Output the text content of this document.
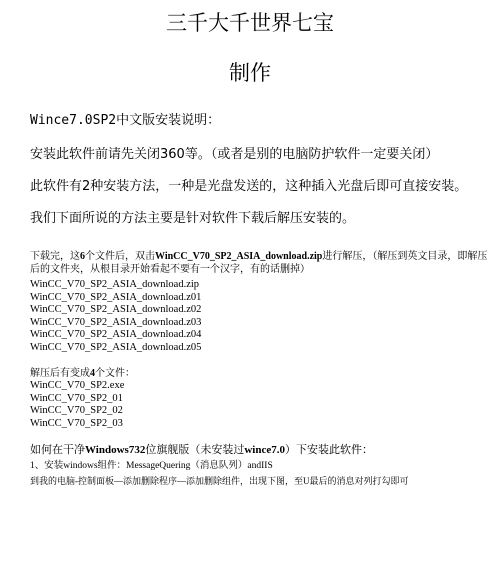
三千大千世界七宝
制作

Wince7.0SP2中文版安装说明：

安装此软件前请先关闭360等。（或者是别的电脑防护软件一定要关闭）

此软件有2种安装方法，一种是光盘发送的，这种插入光盘后即可直接安装。

我们下面所说的方法主要是针对软件下载后解压安装的。

下载完，这6个文件后，双击WinCC_V70_SP2_ASIA_download.zip进行解压，（解压到英文目录，即解压后的文件夹，从根目录开始看起不要有一个汉字，有的话删掉）

WinCC_V70_SP2_ASIA_download.zip
WinCC_V70_SP2_ASIA_download.z01
WinCC_V70_SP2_ASIA_download.z02
WinCC_V70_SP2_ASIA_download.z03
WinCC_V70_SP2_ASIA_download.z04
WinCC_V70_SP2_ASIA_download.z05

解压后有变成4个文件：

WinCC_V70_SP2.exe
WinCC_V70_SP2_01
WinCC_V70_SP2_02
WinCC_V70_SP2_03

如何在干净Windows732位旗舰版（未安装过wince7.0）下安装此软件：

1、安装windows组件：MessageQuering（消息队列）andIIS

到我的电脑-控制面板—添加删除程序—添加删除组件，出现下图，至U最后的消息对列打勾即可
